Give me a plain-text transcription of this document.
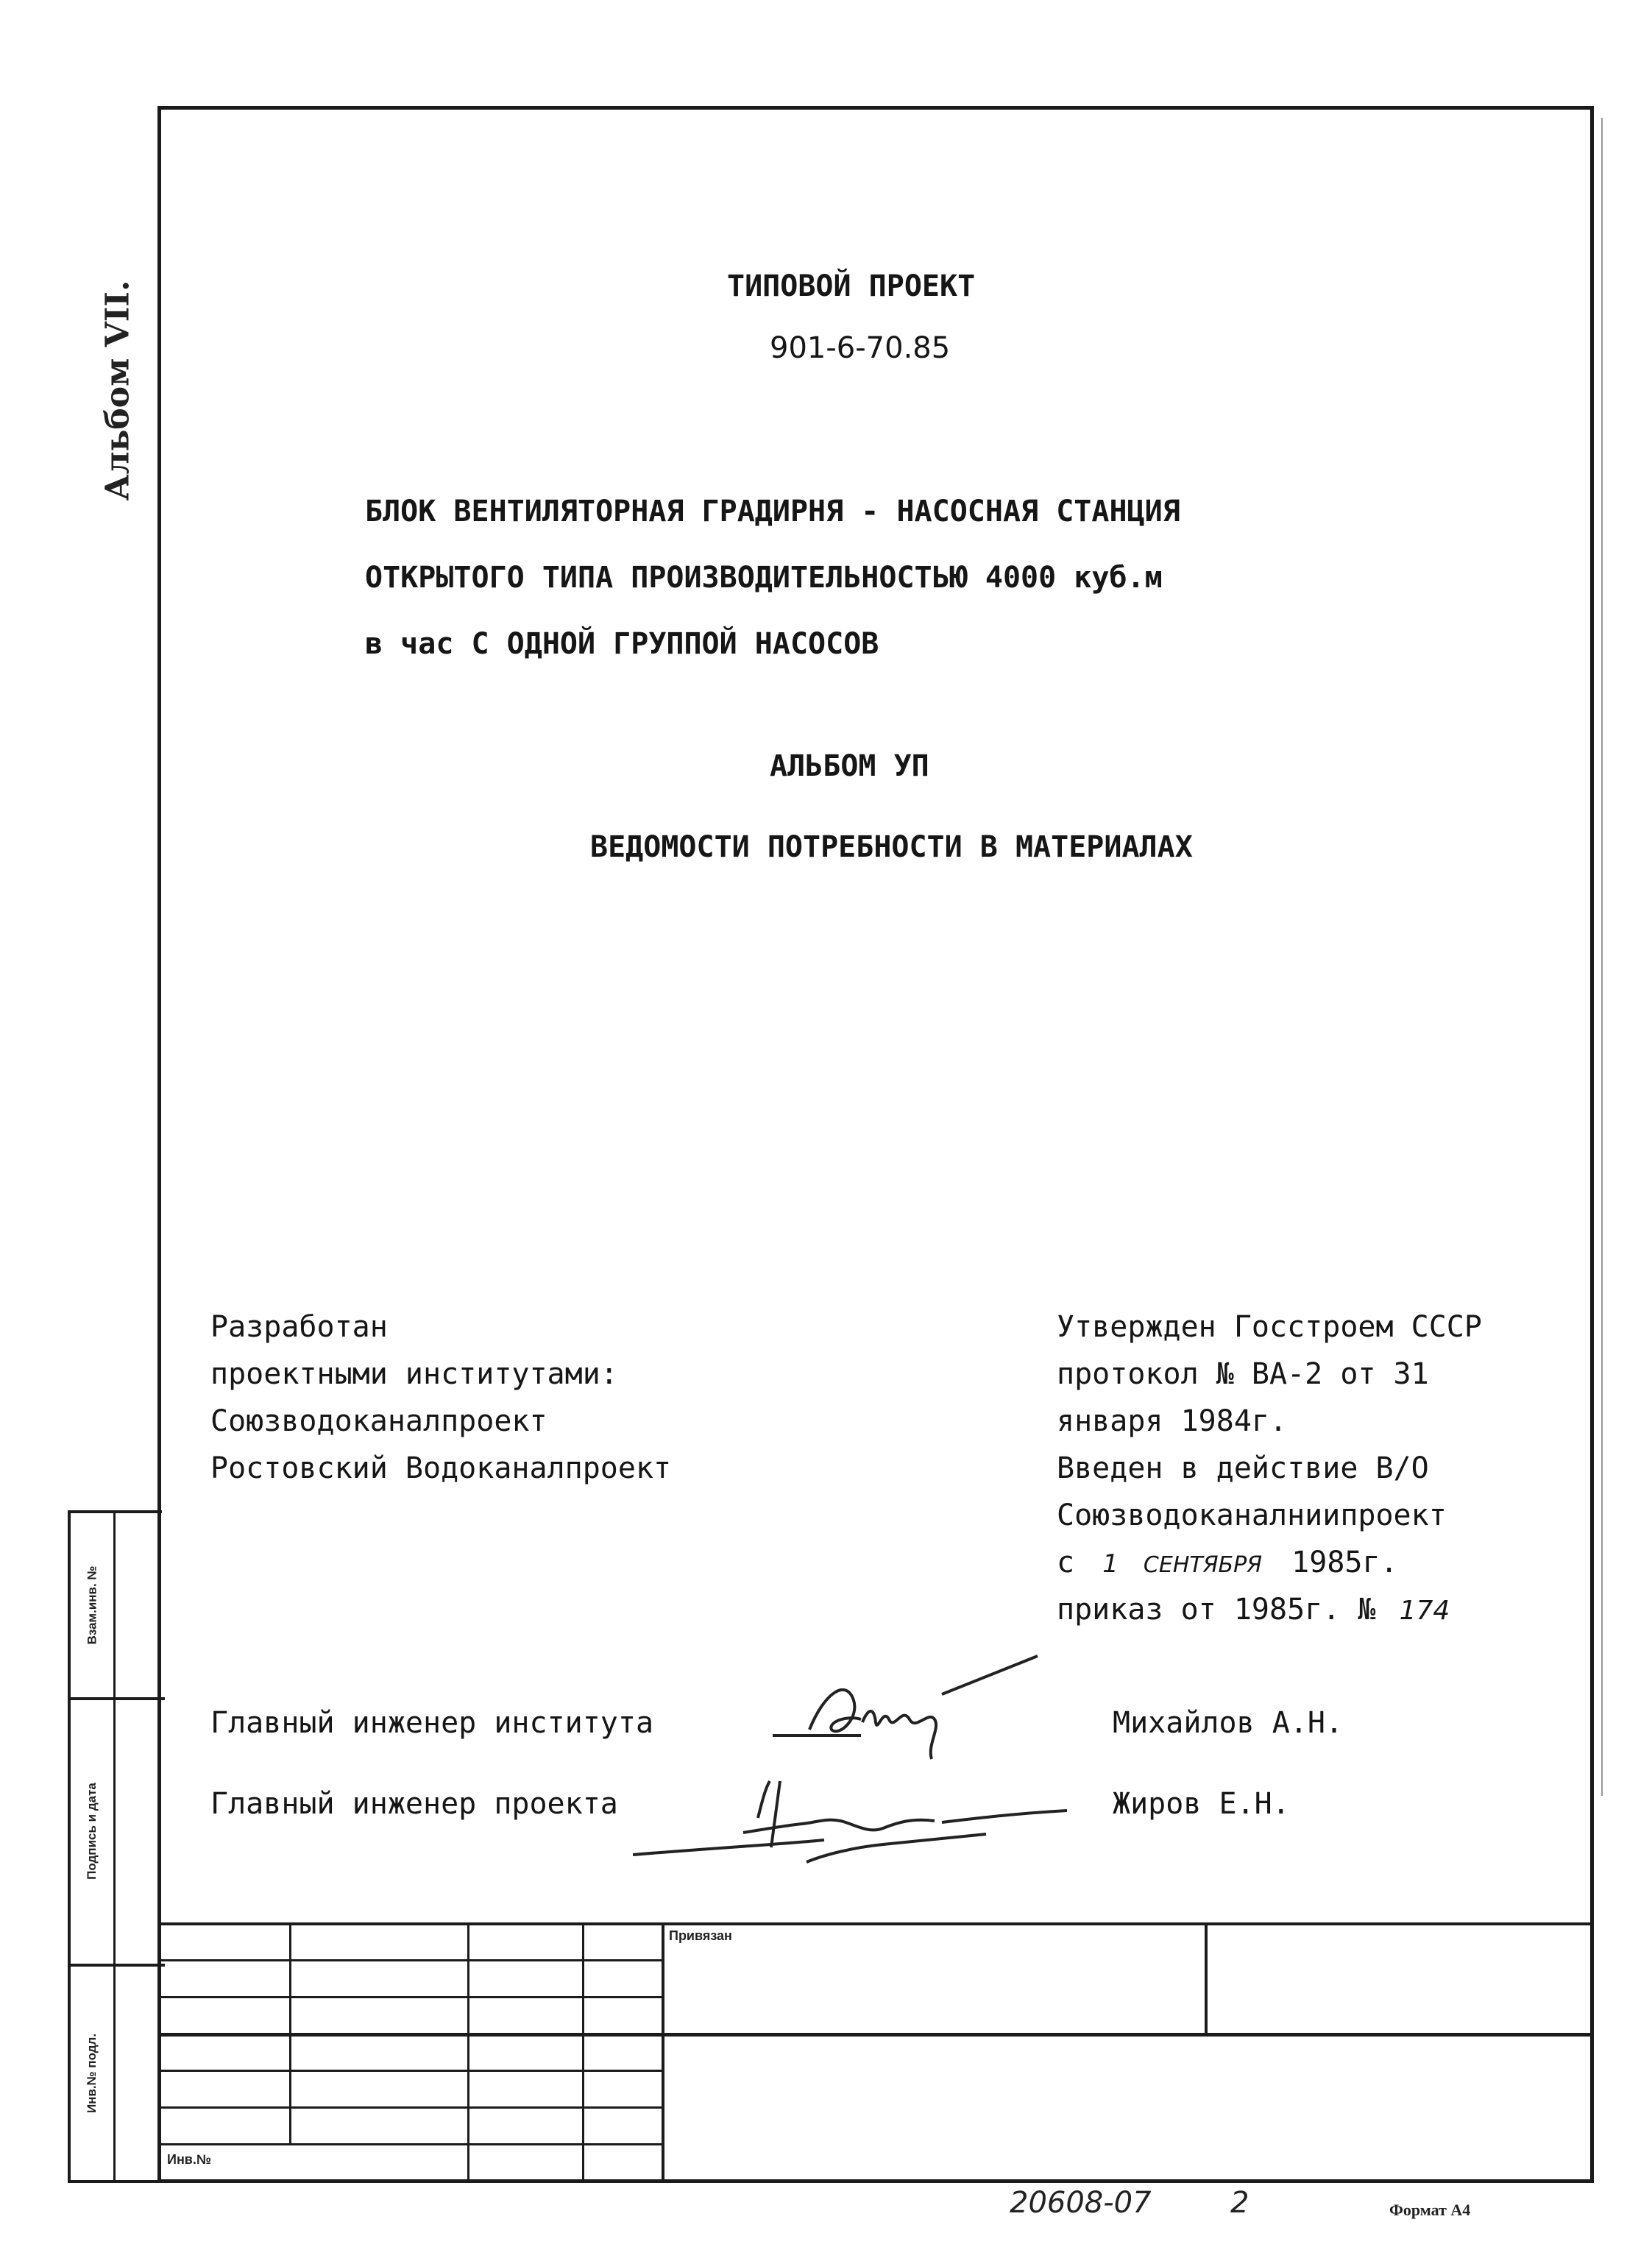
Альбом VII.	ТИПОВОЙ ПРОЕКТ
901-6-70.85
БЛОК ВЕНТИЛЯТОРНАЯ ГРАДИРНЯ - НАСОСНАЯ СТАНЦИЯ
ОТКРЫТОГО ТИПА ПРОИЗВОДИТЕЛЬНОСТЬЮ 4000 куб.м
в час С ОДНОЙ ГРУППОЙ НАСОСОВ
АЛЬБОМ УП
ВЕДОМОСТИ ПОТРЕБНОСТИ В МАТЕРИАЛАХ
Разработан
проектными институтами:
Союзводоканалпроект
Ростовский Водоканалпроект
Утвержден Госстроем СССР
протокол № ВА-2 от 31
января 1984г.
Введен в действие В/О
Союзводоканалниипроект
с 1 СЕНТЯБРЯ 1985г.
приказ от 1985г. № 174
Главный инженер института	Михайлов А.Н.
Главный инженер проекта	Жиров Е.Н.
Взам.инв. №
Подпись и дата
Инв.№ подл.
Привязан
Инв.№
20608-07	2	Формат А4
